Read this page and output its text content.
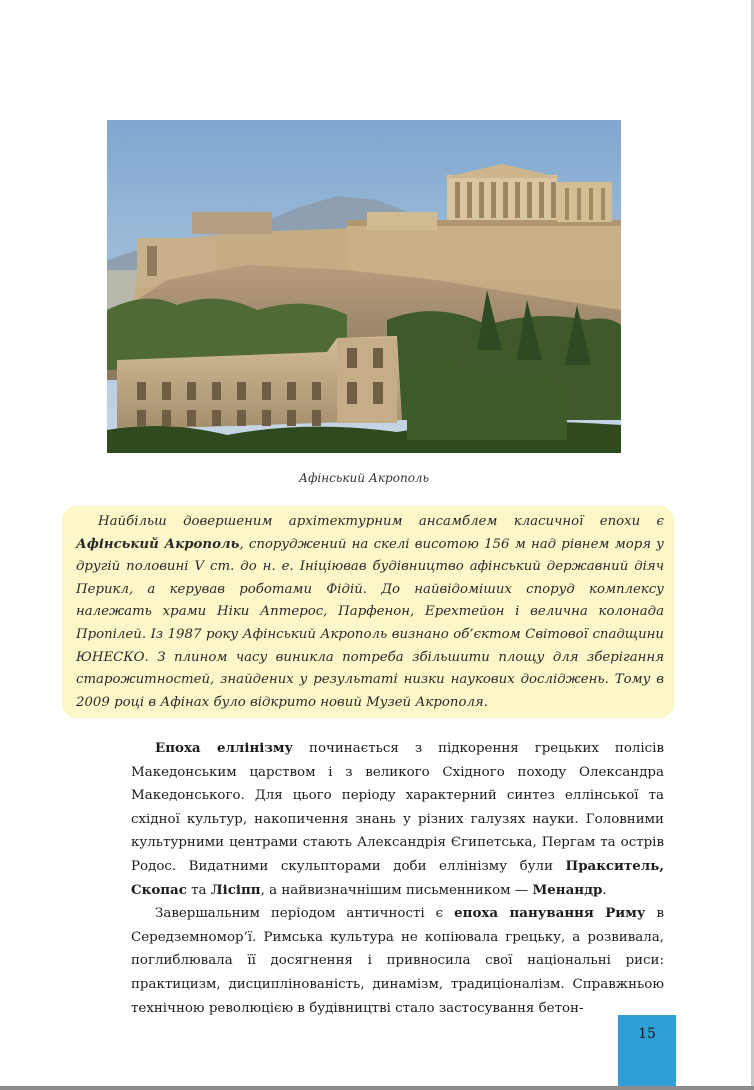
Афінський Акрополь

Найбільш довершеним архітектурним ансамблем класичної епохи є Афінський Акрополь, споруджений на скелі висотою 156 м над рівнем моря у другій половині V ст. до н. е. Ініціював будівництво афінський державний діяч Перикл, а керував роботами Фідій. До найвідоміших споруд комплексу належать храми Ніки Аптерос, Парфенон, Ерехтейон і велична колонада Пропілей. Із 1987 року Афінський Акрополь визнано об’єктом Світової спадщини ЮНЕСКО. З плином часу виникла потреба збільшити площу для зберігання старожитностей, знайдених у результаті низки наукових досліджень. Тому в 2009 році в Афінах було відкрито новий Музей Акрополя.

Епоха еллінізму починається з підкорення грецьких полісів Македонським царством і з великого Східного походу Олександра Македонського. Для цього періоду характерний синтез еллінської та східної культур, накопичення знань у різних галузях науки. Головними культурними центрами стають Александрія Єгипетська, Пергам та острів Родос. Видатними скульпторами доби еллінізму були Пракситель, Скопас та Лісіпп, а найвизначнішим письменником — Менандр.

Завершальним періодом античності є епоха панування Риму в Середземномор’ї. Римська культура не копіювала грецьку, а розвивала, поглиблювала її досягнення і привносила свої національні риси: практицизм, дисциплінованість, динамізм, традиціоналізм. Справжньою технічною революцією в будівництві стало застосування бетон-

15
